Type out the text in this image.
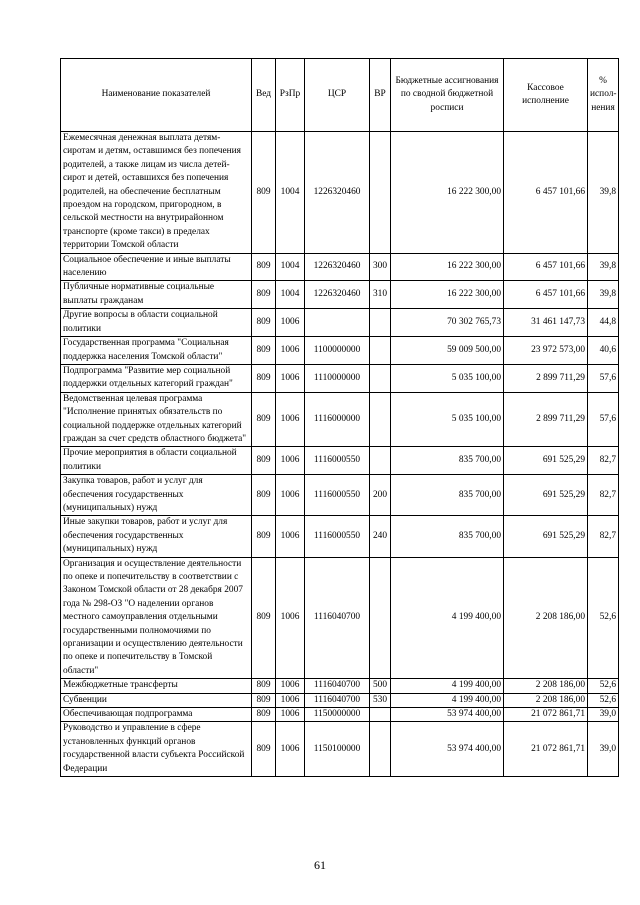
Наименование показателей	Вед	РзПр	ЦСР	ВР	Бюджетные ассигнования по сводной бюджетной росписи	Кассовое исполнение	% испол-нения
Ежемесячная денежная выплата детям-сиротам и детям, оставшимся без попечения родителей, а также лицам из числа детей-сирот и детей, оставшихся без попечения родителей, на обеспечение бесплатным проездом на городском, пригородном, в сельской местности на внутрирайонном транспорте (кроме такси) в пределах территории Томской области	809	1004	1226320460		16 222 300,00	6 457 101,66	39,8
Социальное обеспечение и иные выплаты населению	809	1004	1226320460	300	16 222 300,00	6 457 101,66	39,8
Публичные нормативные социальные выплаты гражданам	809	1004	1226320460	310	16 222 300,00	6 457 101,66	39,8
Другие вопросы в области социальной политики	809	1006			70 302 765,73	31 461 147,73	44,8
Государственная программа "Социальная поддержка населения Томской области"	809	1006	1100000000		59 009 500,00	23 972 573,00	40,6
Подпрограмма "Развитие мер социальной поддержки отдельных категорий граждан"	809	1006	1110000000		5 035 100,00	2 899 711,29	57,6
Ведомственная целевая программа "Исполнение принятых обязательств по социальной поддержке отдельных категорий граждан за счет средств областного бюджета"	809	1006	1116000000		5 035 100,00	2 899 711,29	57,6
Прочие мероприятия в области социальной политики	809	1006	1116000550		835 700,00	691 525,29	82,7
Закупка товаров, работ и услуг для обеспечения государственных (муниципальных) нужд	809	1006	1116000550	200	835 700,00	691 525,29	82,7
Иные закупки товаров, работ и услуг для обеспечения государственных (муниципальных) нужд	809	1006	1116000550	240	835 700,00	691 525,29	82,7
Организация и осуществление деятельности по опеке и попечительству в соответствии с Законом Томской области от 28 декабря 2007 года № 298-ОЗ "О наделении органов местного самоуправления отдельными государственными полномочиями по организации и осуществлению деятельности по опеке и попечительству в Томской области"	809	1006	1116040700		4 199 400,00	2 208 186,00	52,6
Межбюджетные трансферты	809	1006	1116040700	500	4 199 400,00	2 208 186,00	52,6
Субвенции	809	1006	1116040700	530	4 199 400,00	2 208 186,00	52,6
Обеспечивающая подпрограмма	809	1006	1150000000		53 974 400,00	21 072 861,71	39,0
Руководство и управление в сфере установленных функций органов государственной власти субъекта Российской Федерации	809	1006	1150100000		53 974 400,00	21 072 861,71	39,0
61
